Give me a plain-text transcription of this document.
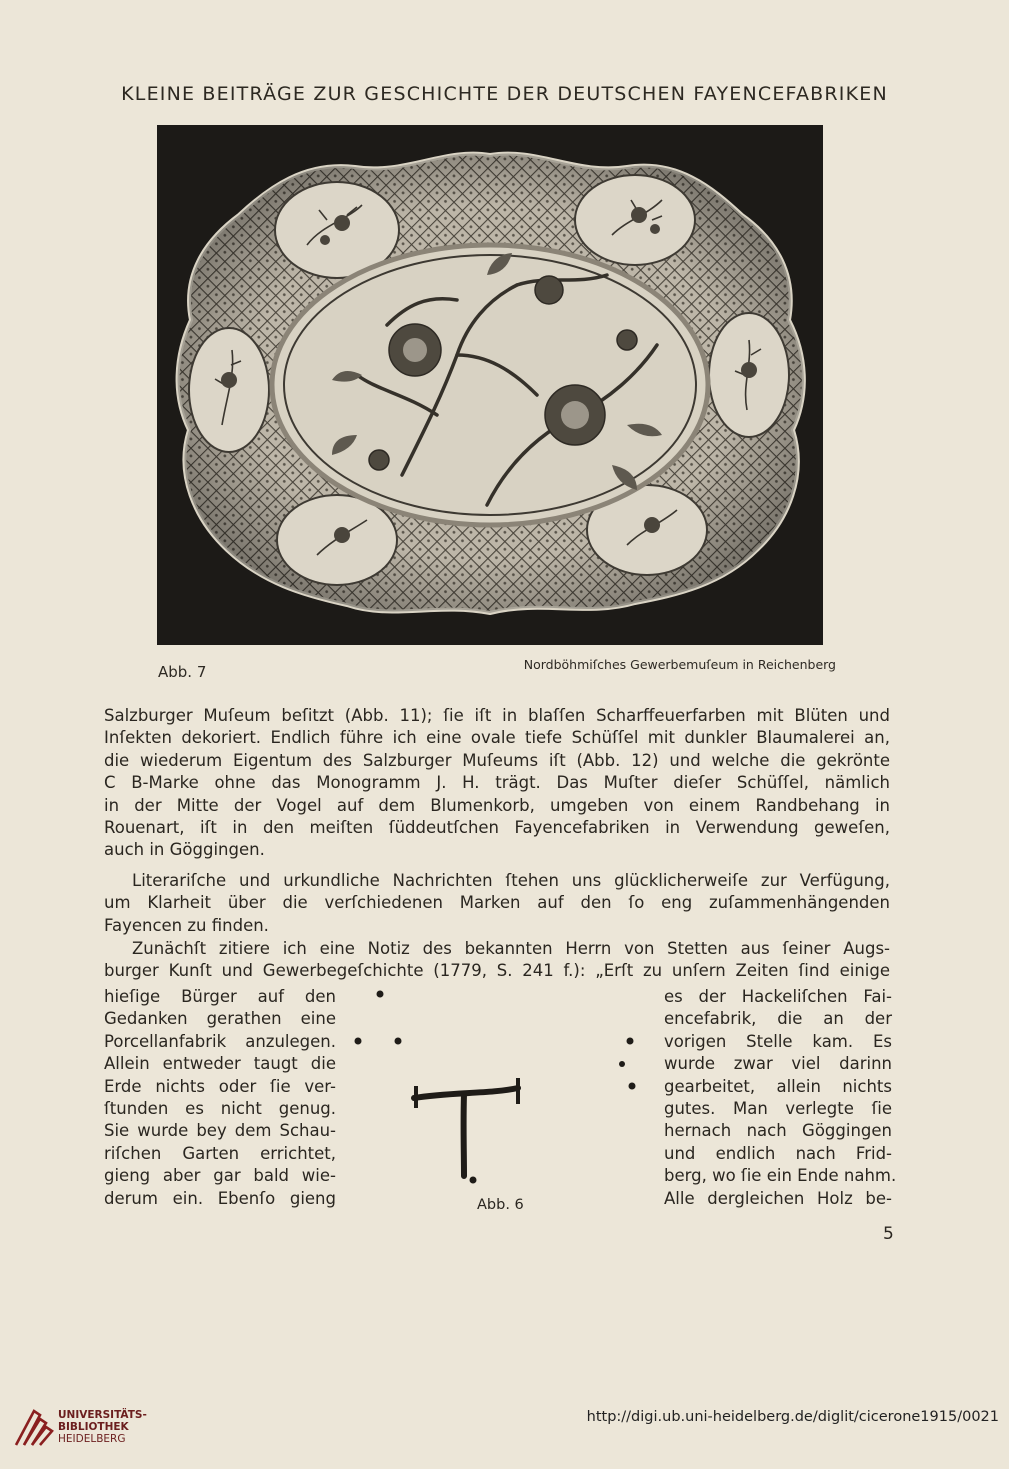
KLEINE BEITRÄGE ZUR GESCHICHTE DER DEUTSCHEN FAYENCEFABRIKEN
Abb. 7	Nordböhmiſches Gewerbemuſeum in Reichenberg
Salzburger Muſeum beſitzt (Abb. 11); ſie iſt in blaſſen Scharffeuerfarben mit Blüten und
Inſekten dekoriert. Endlich führe ich eine ovale tiefe Schüſſel mit dunkler Blaumalerei an,
die wiederum Eigentum des Salzburger Muſeums iſt (Abb. 12) und welche die gekrönte
C B-Marke ohne das Monogramm J. H. trägt. Das Muſter dieſer Schüſſel, nämlich
in der Mitte der Vogel auf dem Blumenkorb, umgeben von einem Randbehang in
Rouenart, iſt in den meiſten ſüddeutſchen Fayencefabriken in Verwendung geweſen,
auch in Göggingen.
Literariſche und urkundliche Nachrichten ſtehen uns glücklicherweiſe zur Verfügung,
um Klarheit über die verſchiedenen Marken auf den ſo eng zuſammenhängenden
Fayencen zu finden.
Zunächſt zitiere ich eine Notiz des bekannten Herrn von Stetten aus ſeiner Augs-
burger Kunſt und Gewerbegeſchichte (1779, S. 241 f.): „Erſt zu unſern Zeiten ſind einige
hieſige Bürger auf den
Gedanken gerathen eine
Porcellanfabrik anzulegen.
Allein entweder taugt die
Erde nichts oder ſie ver-
ſtunden es nicht genug.
Sie wurde bey dem Schau-
riſchen Garten errichtet,
gieng aber gar bald wie-
derum ein. Ebenſo gieng	Abb. 6
es der Hackeliſchen Fai-
encefabrik, die an der
vorigen Stelle kam. Es
wurde zwar viel darinn
gearbeitet, allein nichts
gutes. Man verlegte ſie
hernach nach Göggingen
und endlich nach Frid-
berg, wo ſie ein Ende nahm.
Alle dergleichen Holz be-
5
UNIVERSITÄTS-
BIBLIOTHEK
HEIDELBERG
http://digi.ub.uni-heidelberg.de/diglit/cicerone1915/0021
